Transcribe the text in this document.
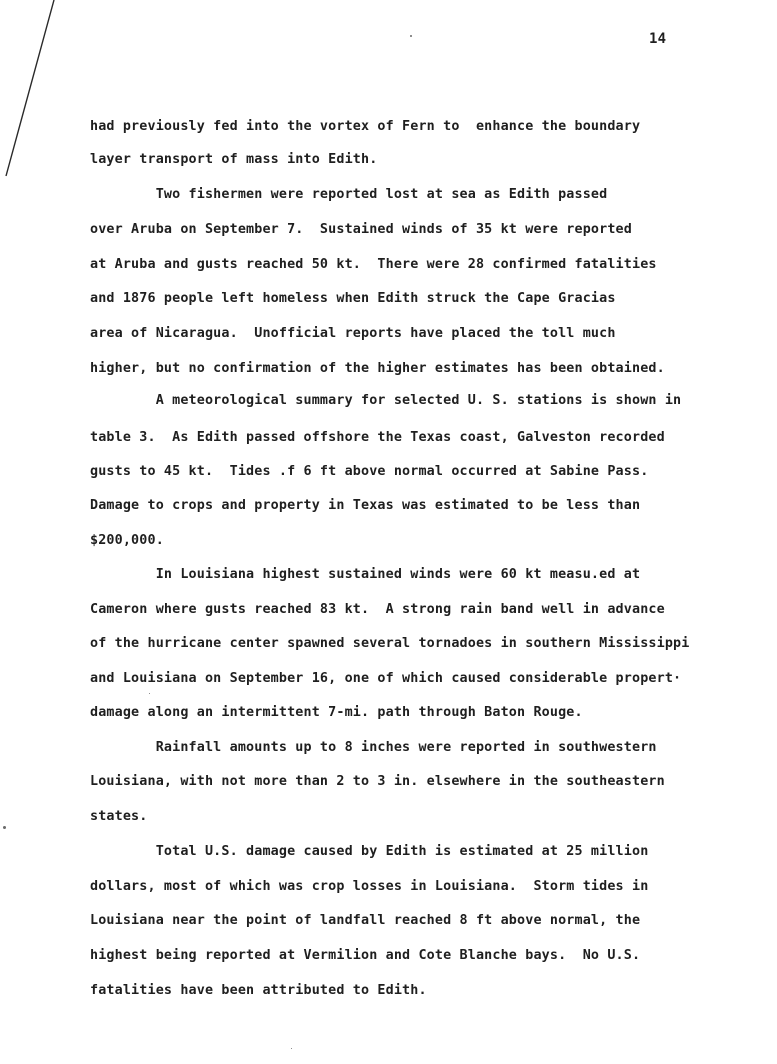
14

had previously fed into the vortex of Fern to  enhance the boundary

layer transport of mass into Edith.

Two fishermen were reported lost at sea as Edith passed

over Aruba on September 7.  Sustained winds of 35 kt were reported

at Aruba and gusts reached 50 kt.  There were 28 confirmed fatalities

and 1876 people left homeless when Edith struck the Cape Gracias

area of Nicaragua.  Unofficial reports have placed the toll much

higher, but no confirmation of the higher estimates has been obtained.

A meteorological summary for selected U. S. stations is shown in

table 3.  As Edith passed offshore the Texas coast, Galveston recorded

gusts to 45 kt.  Tides .f 6 ft above normal occurred at Sabine Pass.

Damage to crops and property in Texas was estimated to be less than

$200,000.

In Louisiana highest sustained winds were 60 kt measu.ed at

Cameron where gusts reached 83 kt.  A strong rain band well in advance

of the hurricane center spawned several tornadoes in southern Mississippi

and Louisiana on September 16, one of which caused considerable propert·

damage along an intermittent 7-mi. path through Baton Rouge.

Rainfall amounts up to 8 inches were reported in southwestern

Louisiana, with not more than 2 to 3 in. elsewhere in the southeastern

states.

Total U.S. damage caused by Edith is estimated at 25 million

dollars, most of which was crop losses in Louisiana.  Storm tides in

Louisiana near the point of landfall reached 8 ft above normal, the

highest being reported at Vermilion and Cote Blanche bays.  No U.S.

fatalities have been attributed to Edith.
